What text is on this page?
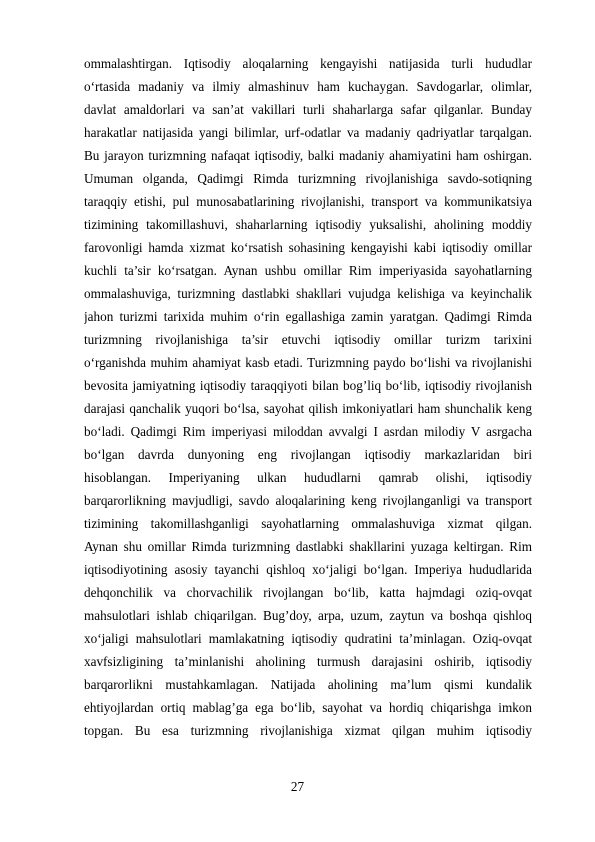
ommalashtirgan. Iqtisodiy aloqalarning kengayishi natijasida turli hududlar
o‘rtasida madaniy va ilmiy almashinuv ham kuchaygan. Savdogarlar, olimlar,
davlat amaldorlari va san’at vakillari turli shaharlarga safar qilganlar. Bunday
harakatlar natijasida yangi bilimlar, urf-odatlar va madaniy qadriyatlar tarqalgan.
Bu jarayon turizmning nafaqat iqtisodiy, balki madaniy ahamiyatini ham oshirgan.
Umuman olganda, Qadimgi Rimda turizmning rivojlanishiga savdo-sotiqning
taraqqiy etishi, pul munosabatlarining rivojlanishi, transport va kommunikatsiya
tizimining takomillashuvi, shaharlarning iqtisodiy yuksalishi, aholining moddiy
farovonligi hamda xizmat ko‘rsatish sohasining kengayishi kabi iqtisodiy omillar
kuchli ta’sir ko‘rsatgan. Aynan ushbu omillar Rim imperiyasida sayohatlarning
ommalashuviga, turizmning dastlabki shakllari vujudga kelishiga va keyinchalik
jahon turizmi tarixida muhim o‘rin egallashiga zamin yaratgan. Qadimgi Rimda
turizmning rivojlanishiga ta’sir etuvchi iqtisodiy omillar turizm tarixini
o‘rganishda muhim ahamiyat kasb etadi. Turizmning paydo bo‘lishi va rivojlanishi
bevosita jamiyatning iqtisodiy taraqqiyoti bilan bog’liq bo‘lib, iqtisodiy rivojlanish
darajasi qanchalik yuqori bo‘lsa, sayohat qilish imkoniyatlari ham shunchalik keng
bo‘ladi. Qadimgi Rim imperiyasi miloddan avvalgi I asrdan milodiy V asrgacha
bo‘lgan davrda dunyoning eng rivojlangan iqtisodiy markazlaridan biri
hisoblangan. Imperiyaning ulkan hududlarni qamrab olishi, iqtisodiy
barqarorlikning mavjudligi, savdo aloqalarining keng rivojlanganligi va transport
tizimining takomillashganligi sayohatlarning ommalashuviga xizmat qilgan.
Aynan shu omillar Rimda turizmning dastlabki shakllarini yuzaga keltirgan. Rim
iqtisodiyotining asosiy tayanchi qishloq xo‘jaligi bo‘lgan. Imperiya hududlarida
dehqonchilik va chorvachilik rivojlangan bo‘lib, katta hajmdagi oziq-ovqat
mahsulotlari ishlab chiqarilgan. Bug’doy, arpa, uzum, zaytun va boshqa qishloq
xo‘jaligi mahsulotlari mamlakatning iqtisodiy qudratini ta’minlagan. Oziq-ovqat
xavfsizligining ta’minlanishi aholining turmush darajasini oshirib, iqtisodiy
barqarorlikni mustahkamlagan. Natijada aholining ma’lum qismi kundalik
ehtiyojlardan ortiq mablag’ga ega bo‘lib, sayohat va hordiq chiqarishga imkon
topgan. Bu esa turizmning rivojlanishiga xizmat qilgan muhim iqtisodiy
27
